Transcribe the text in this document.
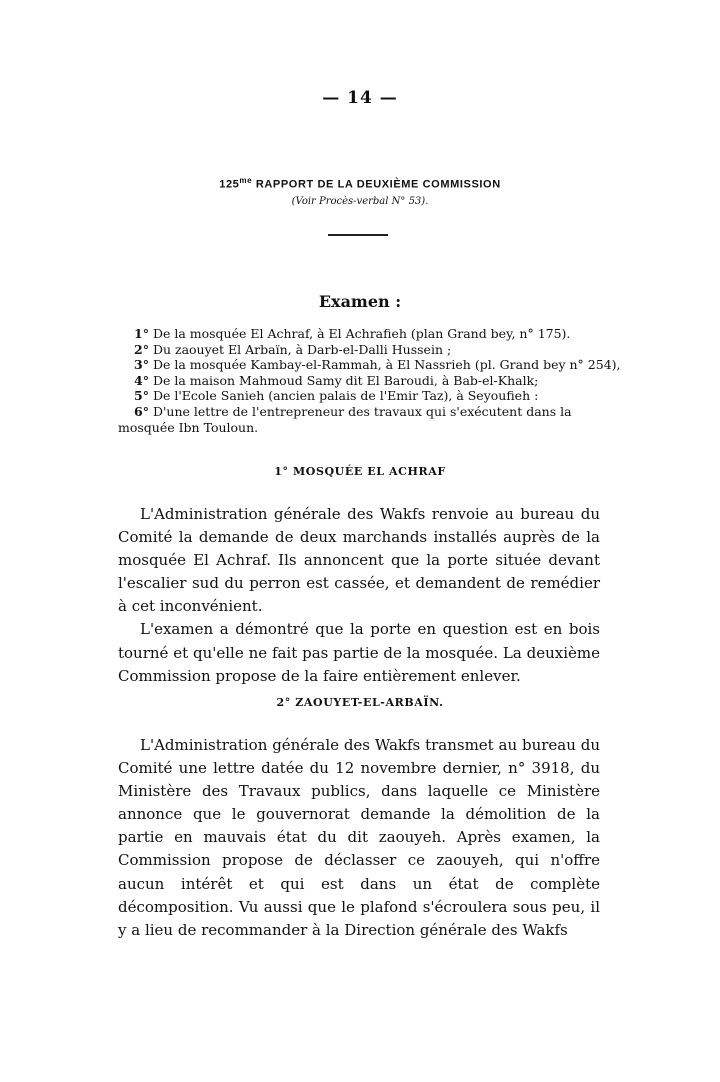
— 14 —
$125^{me}$ RAPPORT DE LA DEUXIÈME COMMISSION
(Voir Procès-verbal N° 53).
Examen :

1° De la mosquée El Achraf, à El Achrafieh (plan Grand bey, n° 175).

2° Du zaouyet El Arbaïn, à Darb-el-Dalli Hussein ;

3° De la mosquée Kambay-el-Rammah, à El Nassrieh (pl. Grand bey n° 254),

4° De la maison Mahmoud Samy dit El Baroudi, à Bab-el-Khalk;

5° De l'Ecole Sanieh (ancien palais de l'Emir Taz), à Seyoufieh :

6° D'une lettre de l'entrepreneur des travaux qui s'exécutent dans la mosquée Ibn Touloun.

1° MOSQUÉE EL ACHRAF
L'Administration générale des Wakfs renvoie au bureau du Comité la demande de deux marchands installés auprès de la mosquée El Achraf. Ils annoncent que la porte située devant l'escalier sud du perron est cassée, et demandent de remédier à cet inconvénient.
L'examen a démontré que la porte en question est en bois tourné et qu'elle ne fait pas partie de la mosquée. La deuxième Commission propose de la faire entièrement enlever.
2° ZAOUYET-EL-ARBAÏN.
L'Administration générale des Wakfs transmet au bureau du Comité une lettre datée du 12 novembre dernier, n° 3918, du Ministère des Travaux publics, dans laquelle ce Ministère annonce que le gouvernorat demande la démolition de la partie en mauvais état du dit zaouyeh. Après examen, la Commission propose de déclasser ce zaouyeh, qui n'offre aucun intérêt et qui est dans un état de complète décomposition. Vu aussi que le plafond s'écroulera sous peu, il y a lieu de recommander à la Direction générale des Wakfs
